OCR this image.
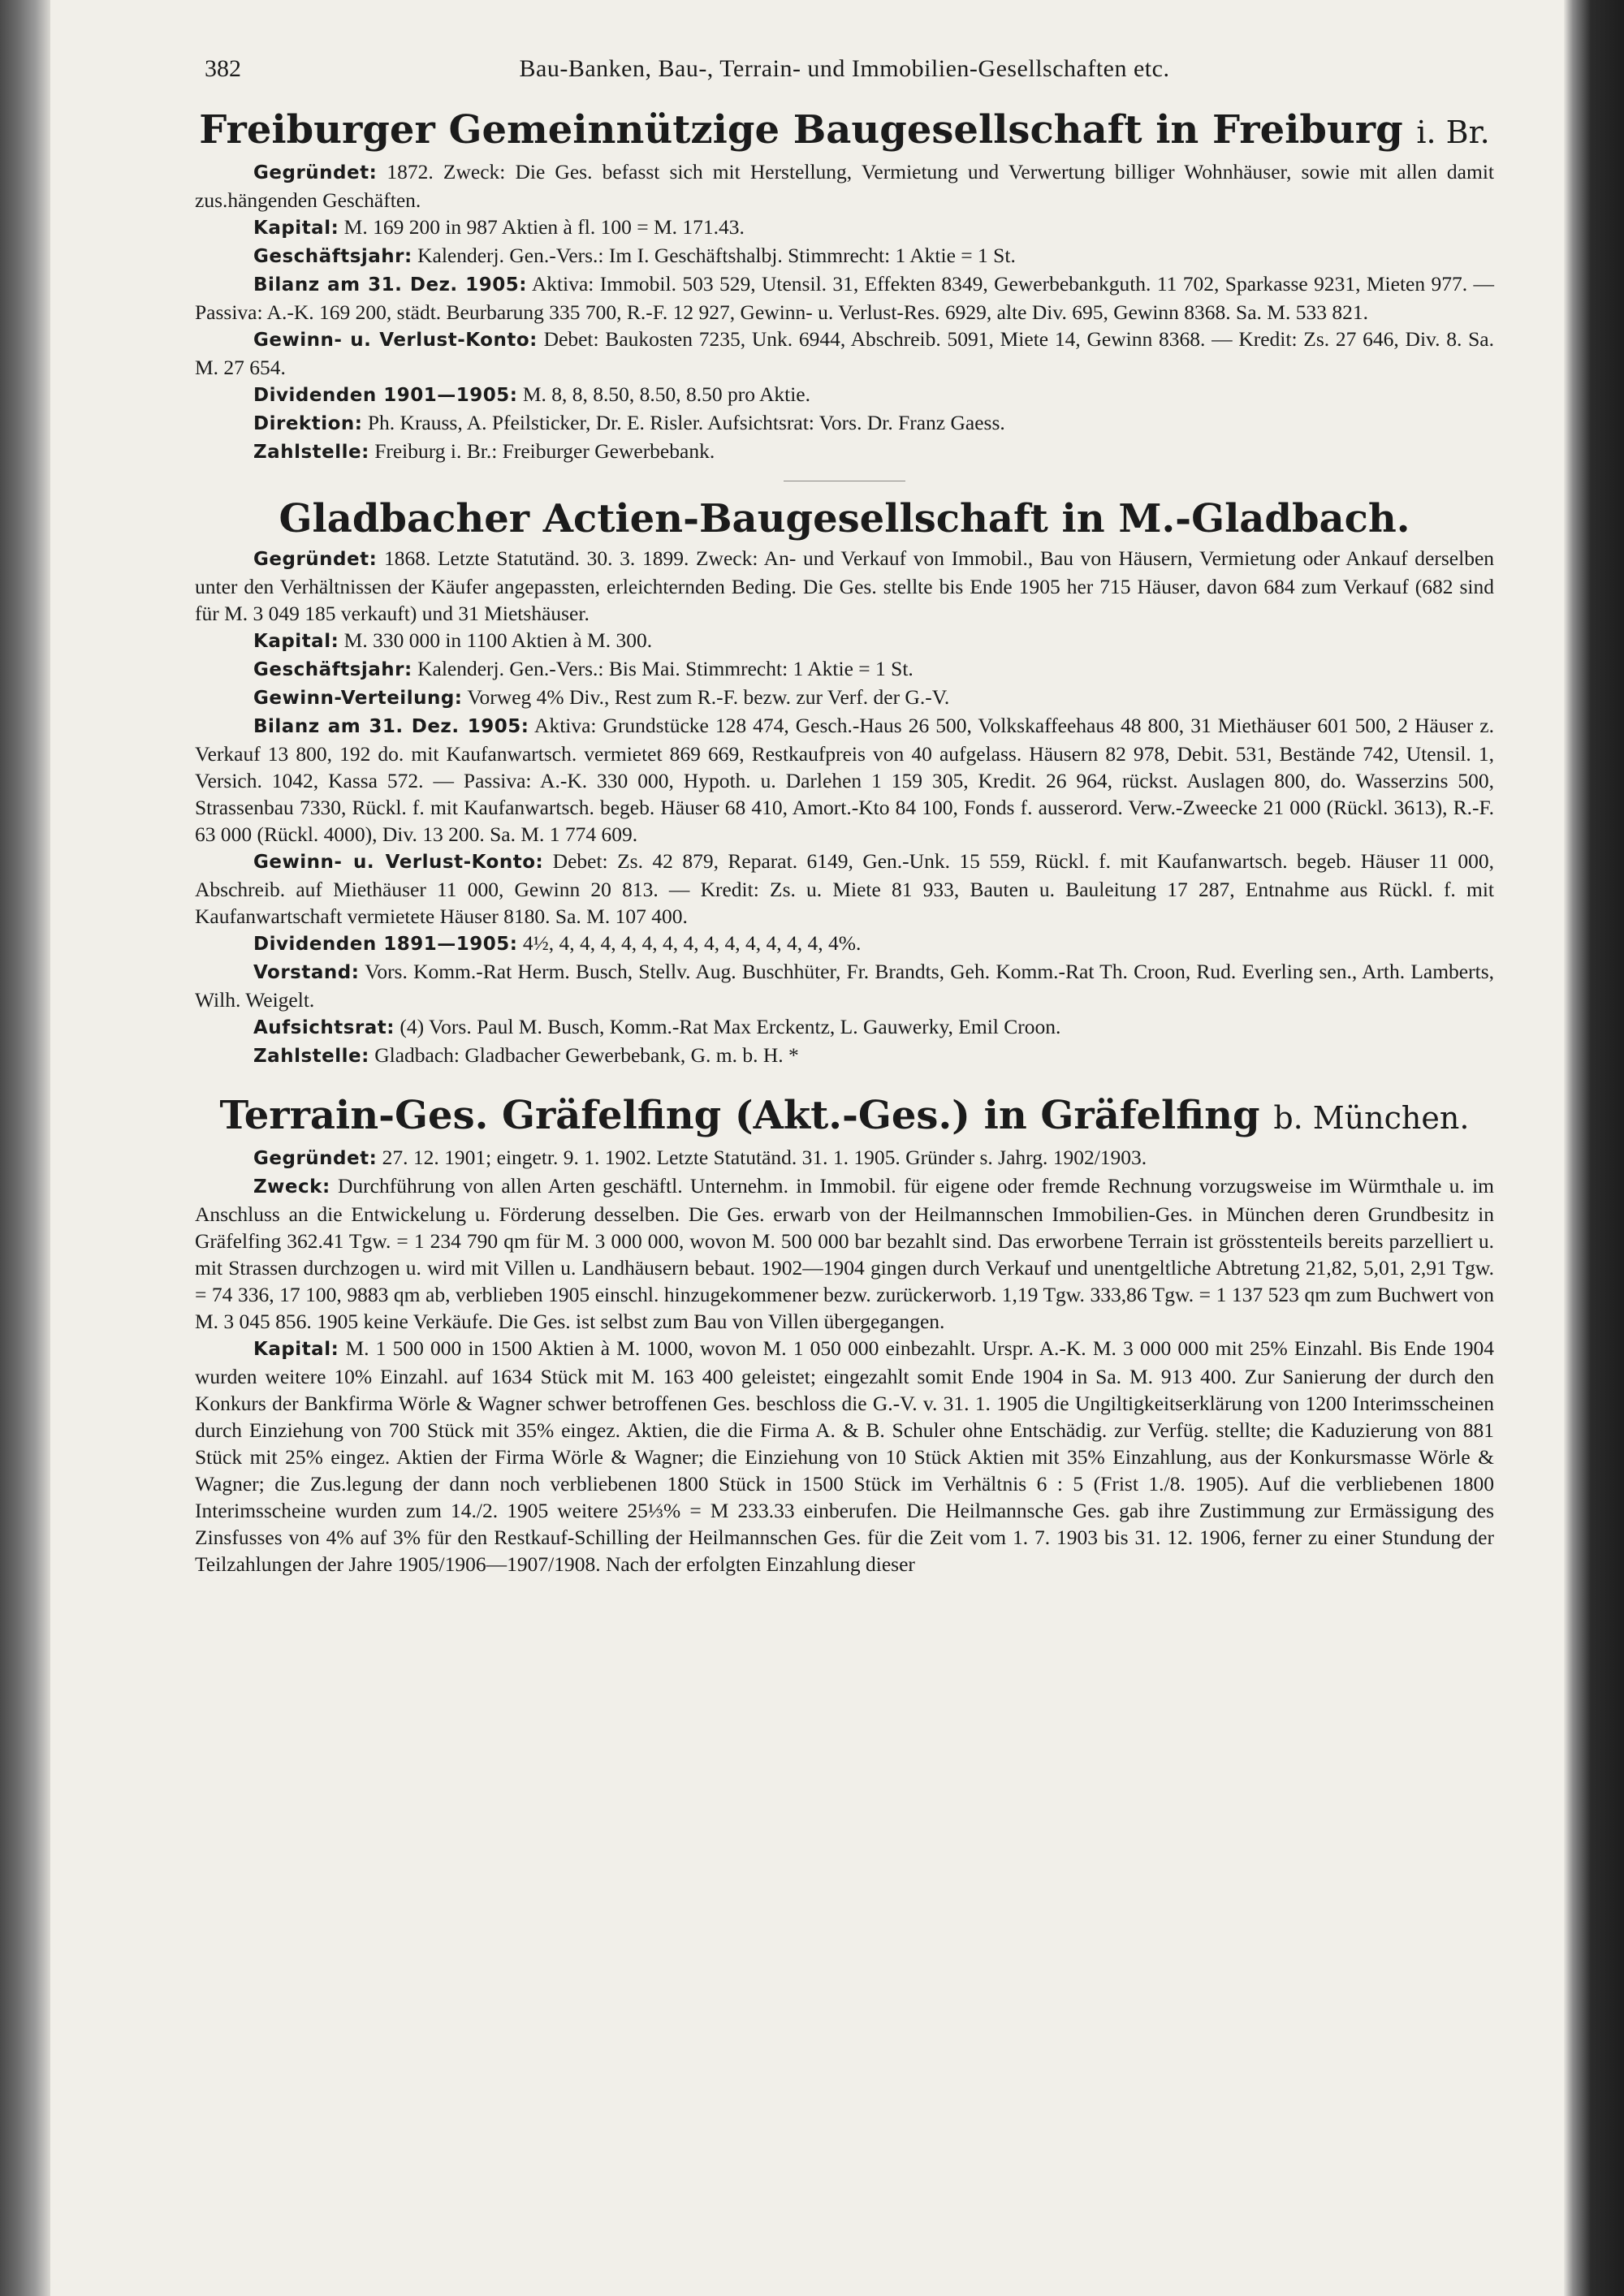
382	Bau-Banken, Bau-, Terrain- und Immobilien-Gesellschaften etc.
Freiburger Gemeinnützige Baugesellschaft in Freiburg i. Br.

Gegründet: 1872. Zweck: Die Ges. befasst sich mit Herstellung, Vermietung und Verwertung billiger Wohnhäuser, sowie mit allen damit zus.hängenden Geschäften.

Kapital: M. 169 200 in 987 Aktien à fl. 100 = M. 171.43.

Geschäftsjahr: Kalenderj. Gen.-Vers.: Im I. Geschäftshalbj. Stimmrecht: 1 Aktie = 1 St.

Bilanz am 31. Dez. 1905: Aktiva: Immobil. 503 529, Utensil. 31, Effekten 8349, Gewerbebankguth. 11 702, Sparkasse 9231, Mieten 977. — Passiva: A.-K. 169 200, städt. Beurbarung 335 700, R.-F. 12 927, Gewinn- u. Verlust-Res. 6929, alte Div. 695, Gewinn 8368. Sa. M. 533 821.

Gewinn- u. Verlust-Konto: Debet: Baukosten 7235, Unk. 6944, Abschreib. 5091, Miete 14, Gewinn 8368. — Kredit: Zs. 27 646, Div. 8. Sa. M. 27 654.

Dividenden 1901—1905: M. 8, 8, 8.50, 8.50, 8.50 pro Aktie.

Direktion: Ph. Krauss, A. Pfeilsticker, Dr. E. Risler. Aufsichtsrat: Vors. Dr. Franz Gaess.

Zahlstelle: Freiburg i. Br.: Freiburger Gewerbebank.

Gladbacher Actien-Baugesellschaft in M.-Gladbach.

Gegründet: 1868. Letzte Statutänd. 30. 3. 1899. Zweck: An- und Verkauf von Immobil., Bau von Häusern, Vermietung oder Ankauf derselben unter den Verhältnissen der Käufer angepassten, erleichternden Beding. Die Ges. stellte bis Ende 1905 her 715 Häuser, davon 684 zum Verkauf (682 sind für M. 3 049 185 verkauft) und 31 Mietshäuser.

Kapital: M. 330 000 in 1100 Aktien à M. 300.

Geschäftsjahr: Kalenderj. Gen.-Vers.: Bis Mai. Stimmrecht: 1 Aktie = 1 St.

Gewinn-Verteilung: Vorweg 4% Div., Rest zum R.-F. bezw. zur Verf. der G.-V.

Bilanz am 31. Dez. 1905: Aktiva: Grundstücke 128 474, Gesch.-Haus 26 500, Volkskaffeehaus 48 800, 31 Miethäuser 601 500, 2 Häuser z. Verkauf 13 800, 192 do. mit Kaufanwartsch. vermietet 869 669, Restkaufpreis von 40 aufgelass. Häusern 82 978, Debit. 531, Bestände 742, Utensil. 1, Versich. 1042, Kassa 572. — Passiva: A.-K. 330 000, Hypoth. u. Darlehen 1 159 305, Kredit. 26 964, rückst. Auslagen 800, do. Wasserzins 500, Strassenbau 7330, Rückl. f. mit Kaufanwartsch. begeb. Häuser 68 410, Amort.-Kto 84 100, Fonds f. ausserord. Verw.-Zweecke 21 000 (Rückl. 3613), R.-F. 63 000 (Rückl. 4000), Div. 13 200. Sa. M. 1 774 609.

Gewinn- u. Verlust-Konto: Debet: Zs. 42 879, Reparat. 6149, Gen.-Unk. 15 559, Rückl. f. mit Kaufanwartsch. begeb. Häuser 11 000, Abschreib. auf Miethäuser 11 000, Gewinn 20 813. — Kredit: Zs. u. Miete 81 933, Bauten u. Bauleitung 17 287, Entnahme aus Rückl. f. mit Kaufanwartschaft vermietete Häuser 8180. Sa. M. 107 400.

Dividenden 1891—1905: 4½, 4, 4, 4, 4, 4, 4, 4, 4, 4, 4, 4, 4, 4, 4%.

Vorstand: Vors. Komm.-Rat Herm. Busch, Stellv. Aug. Buschhüter, Fr. Brandts, Geh. Komm.-Rat Th. Croon, Rud. Everling sen., Arth. Lamberts, Wilh. Weigelt.

Aufsichtsrat: (4) Vors. Paul M. Busch, Komm.-Rat Max Erckentz, L. Gauwerky, Emil Croon.

Zahlstelle: Gladbach: Gladbacher Gewerbebank, G. m. b. H. *

Terrain-Ges. Gräfelfing (Akt.-Ges.) in Gräfelfing b. München.

Gegründet: 27. 12. 1901; eingetr. 9. 1. 1902. Letzte Statutänd. 31. 1. 1905. Gründer s. Jahrg. 1902/1903.

Zweck: Durchführung von allen Arten geschäftl. Unternehm. in Immobil. für eigene oder fremde Rechnung vorzugsweise im Würmthale u. im Anschluss an die Entwickelung u. Förderung desselben. Die Ges. erwarb von der Heilmannschen Immobilien-Ges. in München deren Grundbesitz in Gräfelfing 362.41 Tgw. = 1 234 790 qm für M. 3 000 000, wovon M. 500 000 bar bezahlt sind. Das erworbene Terrain ist grösstenteils bereits parzelliert u. mit Strassen durchzogen u. wird mit Villen u. Landhäusern bebaut. 1902—1904 gingen durch Verkauf und unentgeltliche Abtretung 21,82, 5,01, 2,91 Tgw. = 74 336, 17 100, 9883 qm ab, verblieben 1905 einschl. hinzugekommener bezw. zurückerworb. 1,19 Tgw. 333,86 Tgw. = 1 137 523 qm zum Buchwert von M. 3 045 856. 1905 keine Verkäufe. Die Ges. ist selbst zum Bau von Villen übergegangen.

Kapital: M. 1 500 000 in 1500 Aktien à M. 1000, wovon M. 1 050 000 einbezahlt. Urspr. A.-K. M. 3 000 000 mit 25% Einzahl. Bis Ende 1904 wurden weitere 10% Einzahl. auf 1634 Stück mit M. 163 400 geleistet; eingezahlt somit Ende 1904 in Sa. M. 913 400. Zur Sanierung der durch den Konkurs der Bankfirma Wörle & Wagner schwer betroffenen Ges. beschloss die G.-V. v. 31. 1. 1905 die Ungiltigkeitserklärung von 1200 Interimsscheinen durch Einziehung von 700 Stück mit 35% eingez. Aktien, die die Firma A. & B. Schuler ohne Entschädig. zur Verfüg. stellte; die Kaduzierung von 881 Stück mit 25% eingez. Aktien der Firma Wörle & Wagner; die Einziehung von 10 Stück Aktien mit 35% Einzahlung, aus der Konkursmasse Wörle & Wagner; die Zus.legung der dann noch verbliebenen 1800 Stück in 1500 Stück im Verhältnis 6 : 5 (Frist 1./8. 1905). Auf die verbliebenen 1800 Interimsscheine wurden zum 14./2. 1905 weitere 25⅓% = M 233.33 einberufen. Die Heilmannsche Ges. gab ihre Zustimmung zur Ermässigung des Zinsfusses von 4% auf 3% für den Restkauf-Schilling der Heilmannschen Ges. für die Zeit vom 1. 7. 1903 bis 31. 12. 1906, ferner zu einer Stundung der Teilzahlungen der Jahre 1905/1906—1907/1908. Nach der erfolgten Einzahlung dieser
